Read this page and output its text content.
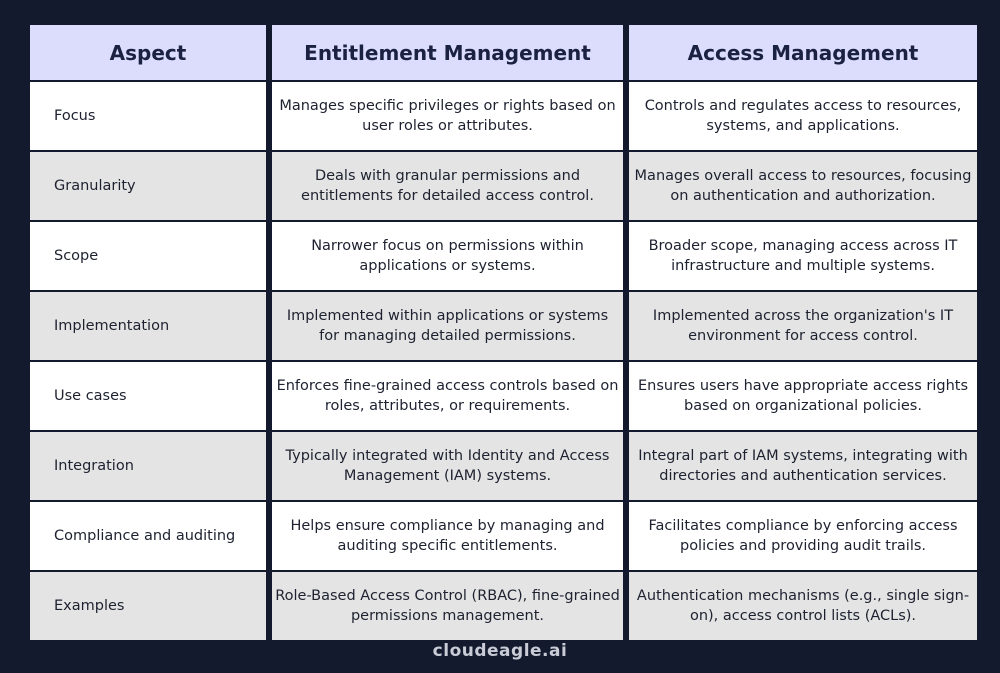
Aspect	Entitlement Management	Access Management
Focus
Manages specific privileges or rights based on user roles or attributes.
Controls and regulates access to resources, systems, and applications.
Granularity
Deals with granular permissions and entitlements for detailed access control.
Manages overall access to resources, focusing on authentication and authorization.
Scope
Narrower focus on permissions within applications or systems.
Broader scope, managing access across IT infrastructure and multiple systems.
Implementation
Implemented within applications or systems for managing detailed permissions.
Implemented across the organization's IT environment for access control.
Use cases
Enforces fine-grained access controls based on roles, attributes, or requirements.
Ensures users have appropriate access rights based on organizational policies.
Integration
Typically integrated with Identity and Access Management (IAM) systems.
Integral part of IAM systems, integrating with directories and authentication services.
Compliance and auditing
Helps ensure compliance by managing and auditing specific entitlements.
Facilitates compliance by enforcing access policies and providing audit trails.
Examples
Role-Based Access Control (RBAC), fine-grained permissions management.
Authentication mechanisms (e.g., single sign-on), access control lists (ACLs).
cloudeagle.ai
